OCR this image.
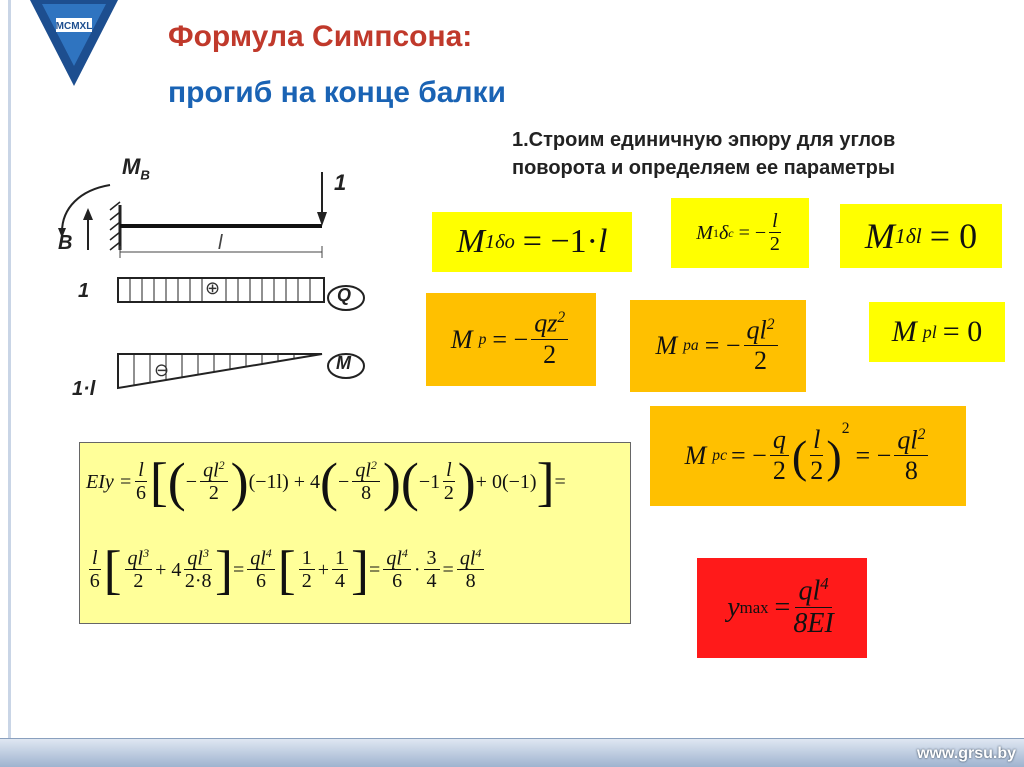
MCMXL	Формула Симпсона:
прогиб на конце балки
1.Строим единичную эпюру для углов
поворота и определяем ее параметры
$M_B$
B
1
l
1	⊕	Q
1·l
⊖	M
M 1δo = −1· l	M 1 δ c = − $\frac{l}{2}$ M 1δl = 0
M p = − $\frac{qz^2}{2}$	M pa = − $\frac{ql^2}{2}$	M pl = 0
M pc = − $\frac{q}{2}$ ( $\frac{l}{2}$ )
$^2$
= − $\frac{ql^2}{8}$
EIy = $\frac{l}{6}$ [ ( − $\frac{ql^2}{2}$ ) (−1l) + 4 ( − $\frac{ql^2}{8}$ ) ( $-1 \frac{l}{2}$ ) + 0(−1) ] =
$\frac{l}{6}$ [ $\frac{ql^3}{2} + 4 \frac{ql^3}{2\cdot 8}$ ] = $\frac{ql^4}{6}$ [ $\frac{1}{2} + \frac{1}{4}$ ] = $\frac{ql^4}{6} \cdot \frac{3}{4} = \frac{ql^4}{8}$
y $\max = \frac{ql^4}{8EI}$
www.grsu.by
